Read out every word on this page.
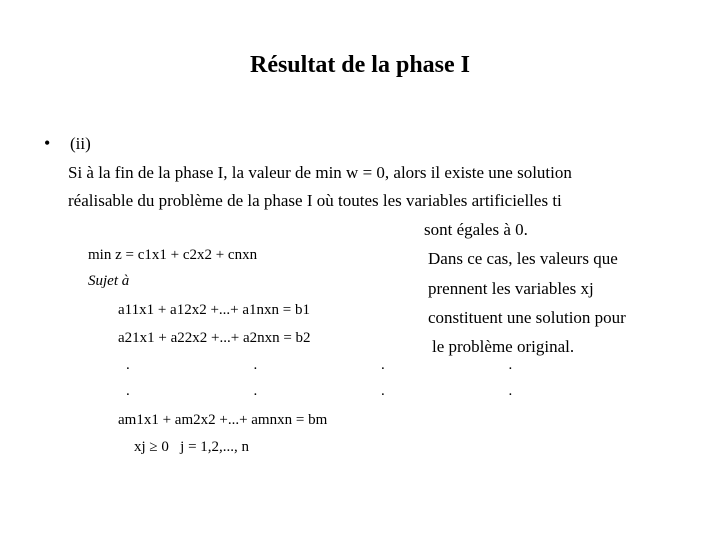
Résultat de la phase I
• (ii)
Si à la fin de la phase I, la valeur de min w = 0, alors il existe une solution
réalisable du problème de la phase I où toutes les variables artificielles ti
sont égales à 0.
Dans ce cas, les valeurs que
prennent les variables xj
constituent une solution pour
le problème original.
min z = c1x1 + c2x2 + cnxn
Sujet à
a11x1 + a12x2 +...+ a1nxn = b1
a21x1 + a22x2 +...+ a2nxn = b2
. . . .
. . . .
am1x1 + am2x2 +...+ amnxn = bm
xj ≥ 0   j = 1,2,..., n
